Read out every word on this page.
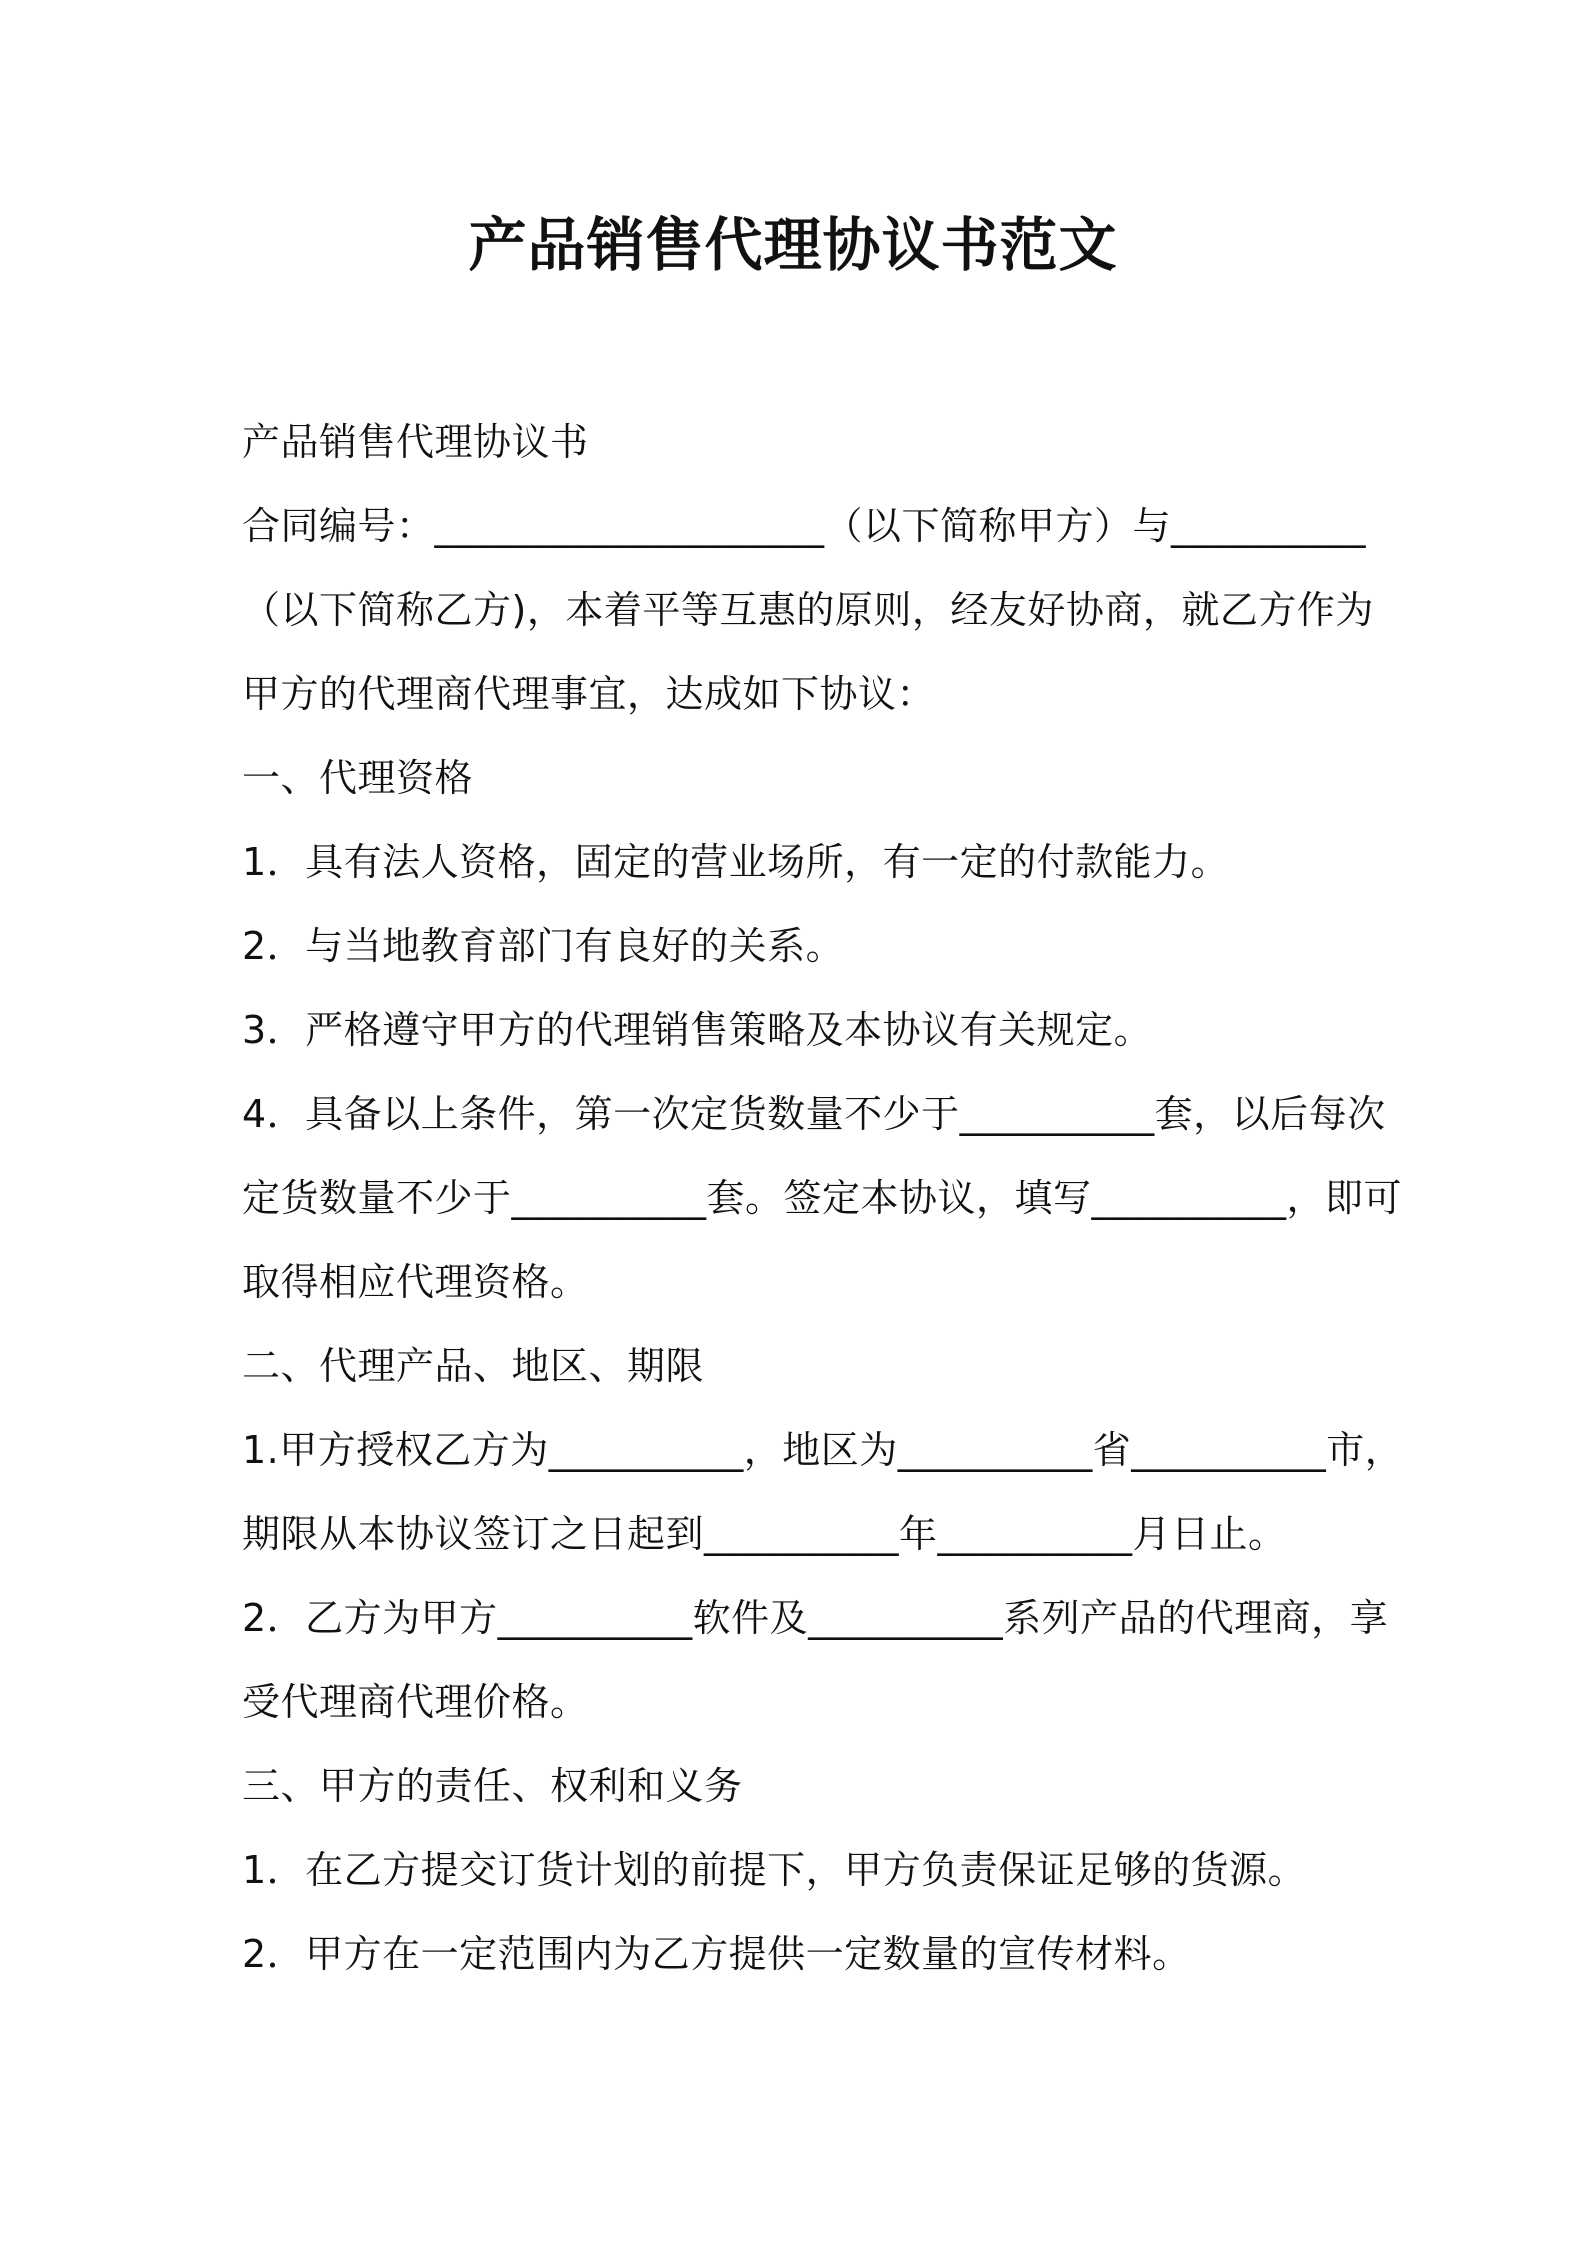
产品销售代理协议书范文
产品销售代理协议书
合同编号：____________________（以下简称甲方）与__________
（以下简称乙方)，本着平等互惠的原则，经友好协商，就乙方作为
甲方的代理商代理事宜，达成如下协议：
一、代理资格
1．具有法人资格，固定的营业场所，有一定的付款能力。
2．与当地教育部门有良好的关系。
3．严格遵守甲方的代理销售策略及本协议有关规定。
4．具备以上条件，第一次定货数量不少于__________套，以后每次
定货数量不少于__________套。签定本协议，填写__________，即可
取得相应代理资格。
二、代理产品、地区、期限
1.甲方授权乙方为__________，地区为__________省__________市，
期限从本协议签订之日起到__________年__________月日止。
2．乙方为甲方__________软件及__________系列产品的代理商，享
受代理商代理价格。
三、甲方的责任、权利和义务
1．在乙方提交订货计划的前提下，甲方负责保证足够的货源。
2．甲方在一定范围内为乙方提供一定数量的宣传材料。
